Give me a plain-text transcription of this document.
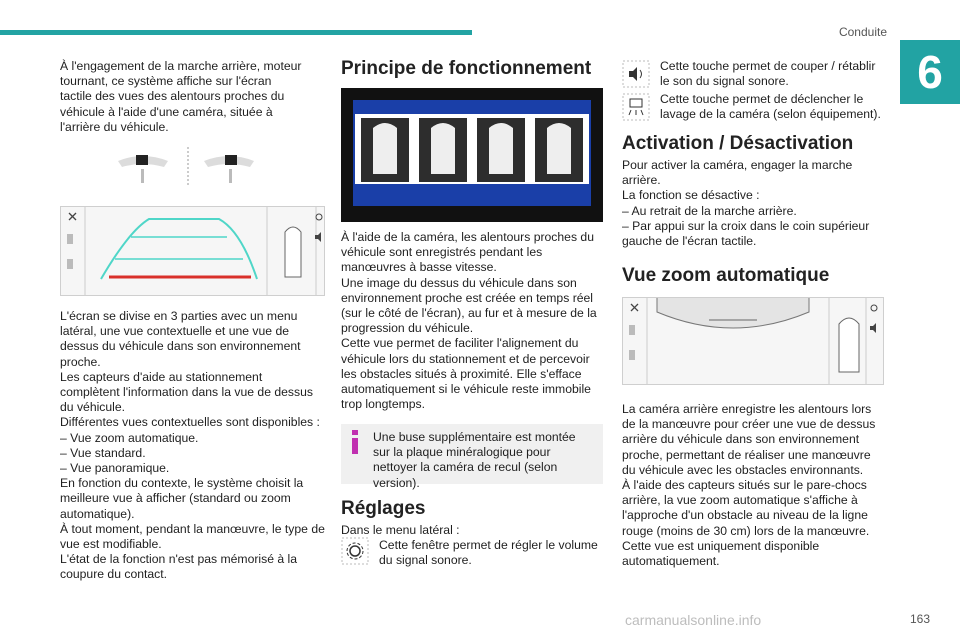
Conduite
6

À l'engagement de la marche arrière, moteur tournant, ce système affiche sur l'écran tactile des vues des alentours proches du véhicule à l'aide d'une caméra, située à l'arrière du véhicule.

L'écran se divise en 3 parties avec un menu latéral, une vue contextuelle et une vue de dessus du véhicule dans son environnement proche.

Les capteurs d'aide au stationnement complètent l'information dans la vue de dessus du véhicule.

Différentes vues contextuelles sont disponibles :

– Vue zoom automatique.

– Vue standard.

– Vue panoramique.

En fonction du contexte, le système choisit la meilleure vue à afficher (standard ou zoom automatique).

À tout moment, pendant la manœuvre, le type de vue est modifiable.

L'état de la fonction n'est pas mémorisé à la coupure du contact.

Principe de fonctionnement

À l'aide de la caméra, les alentours proches du véhicule sont enregistrés pendant les manœuvres à basse vitesse.

Une image du dessus du véhicule dans son environnement proche est créée en temps réel (sur le côté de l'écran), au fur et à mesure de la progression du véhicule.

Cette vue permet de faciliter l'alignement du véhicule lors du stationnement et de percevoir les obstacles situés à proximité. Elle s'efface automatiquement si le véhicule reste immobile trop longtemps.

Une buse supplémentaire est montée sur la plaque minéralogique pour nettoyer la caméra de recul (selon version).

Réglages

Dans le menu latéral :

Cette fenêtre permet de régler le volume du signal sonore.

Cette touche permet de couper / rétablir le son du signal sonore.

Cette touche permet de déclencher le lavage de la caméra (selon équipement).

Activation / Désactivation

Pour activer la caméra, engager la marche arrière.

La fonction se désactive :

– Au retrait de la marche arrière.

– Par appui sur la croix dans le coin supérieur gauche de l'écran tactile.

Vue zoom automatique

La caméra arrière enregistre les alentours lors de la manœuvre pour créer une vue de dessus arrière du véhicule dans son environnement proche, permettant de réaliser une manœuvre du véhicule avec les obstacles environnants.

À l'aide des capteurs situés sur le pare-chocs arrière, la vue zoom automatique s'affiche à l'approche d'un obstacle au niveau de la ligne rouge (moins de 30 cm) lors de la manœuvre.

Cette vue est uniquement disponible automatiquement.

carmanualsonline.info	163
